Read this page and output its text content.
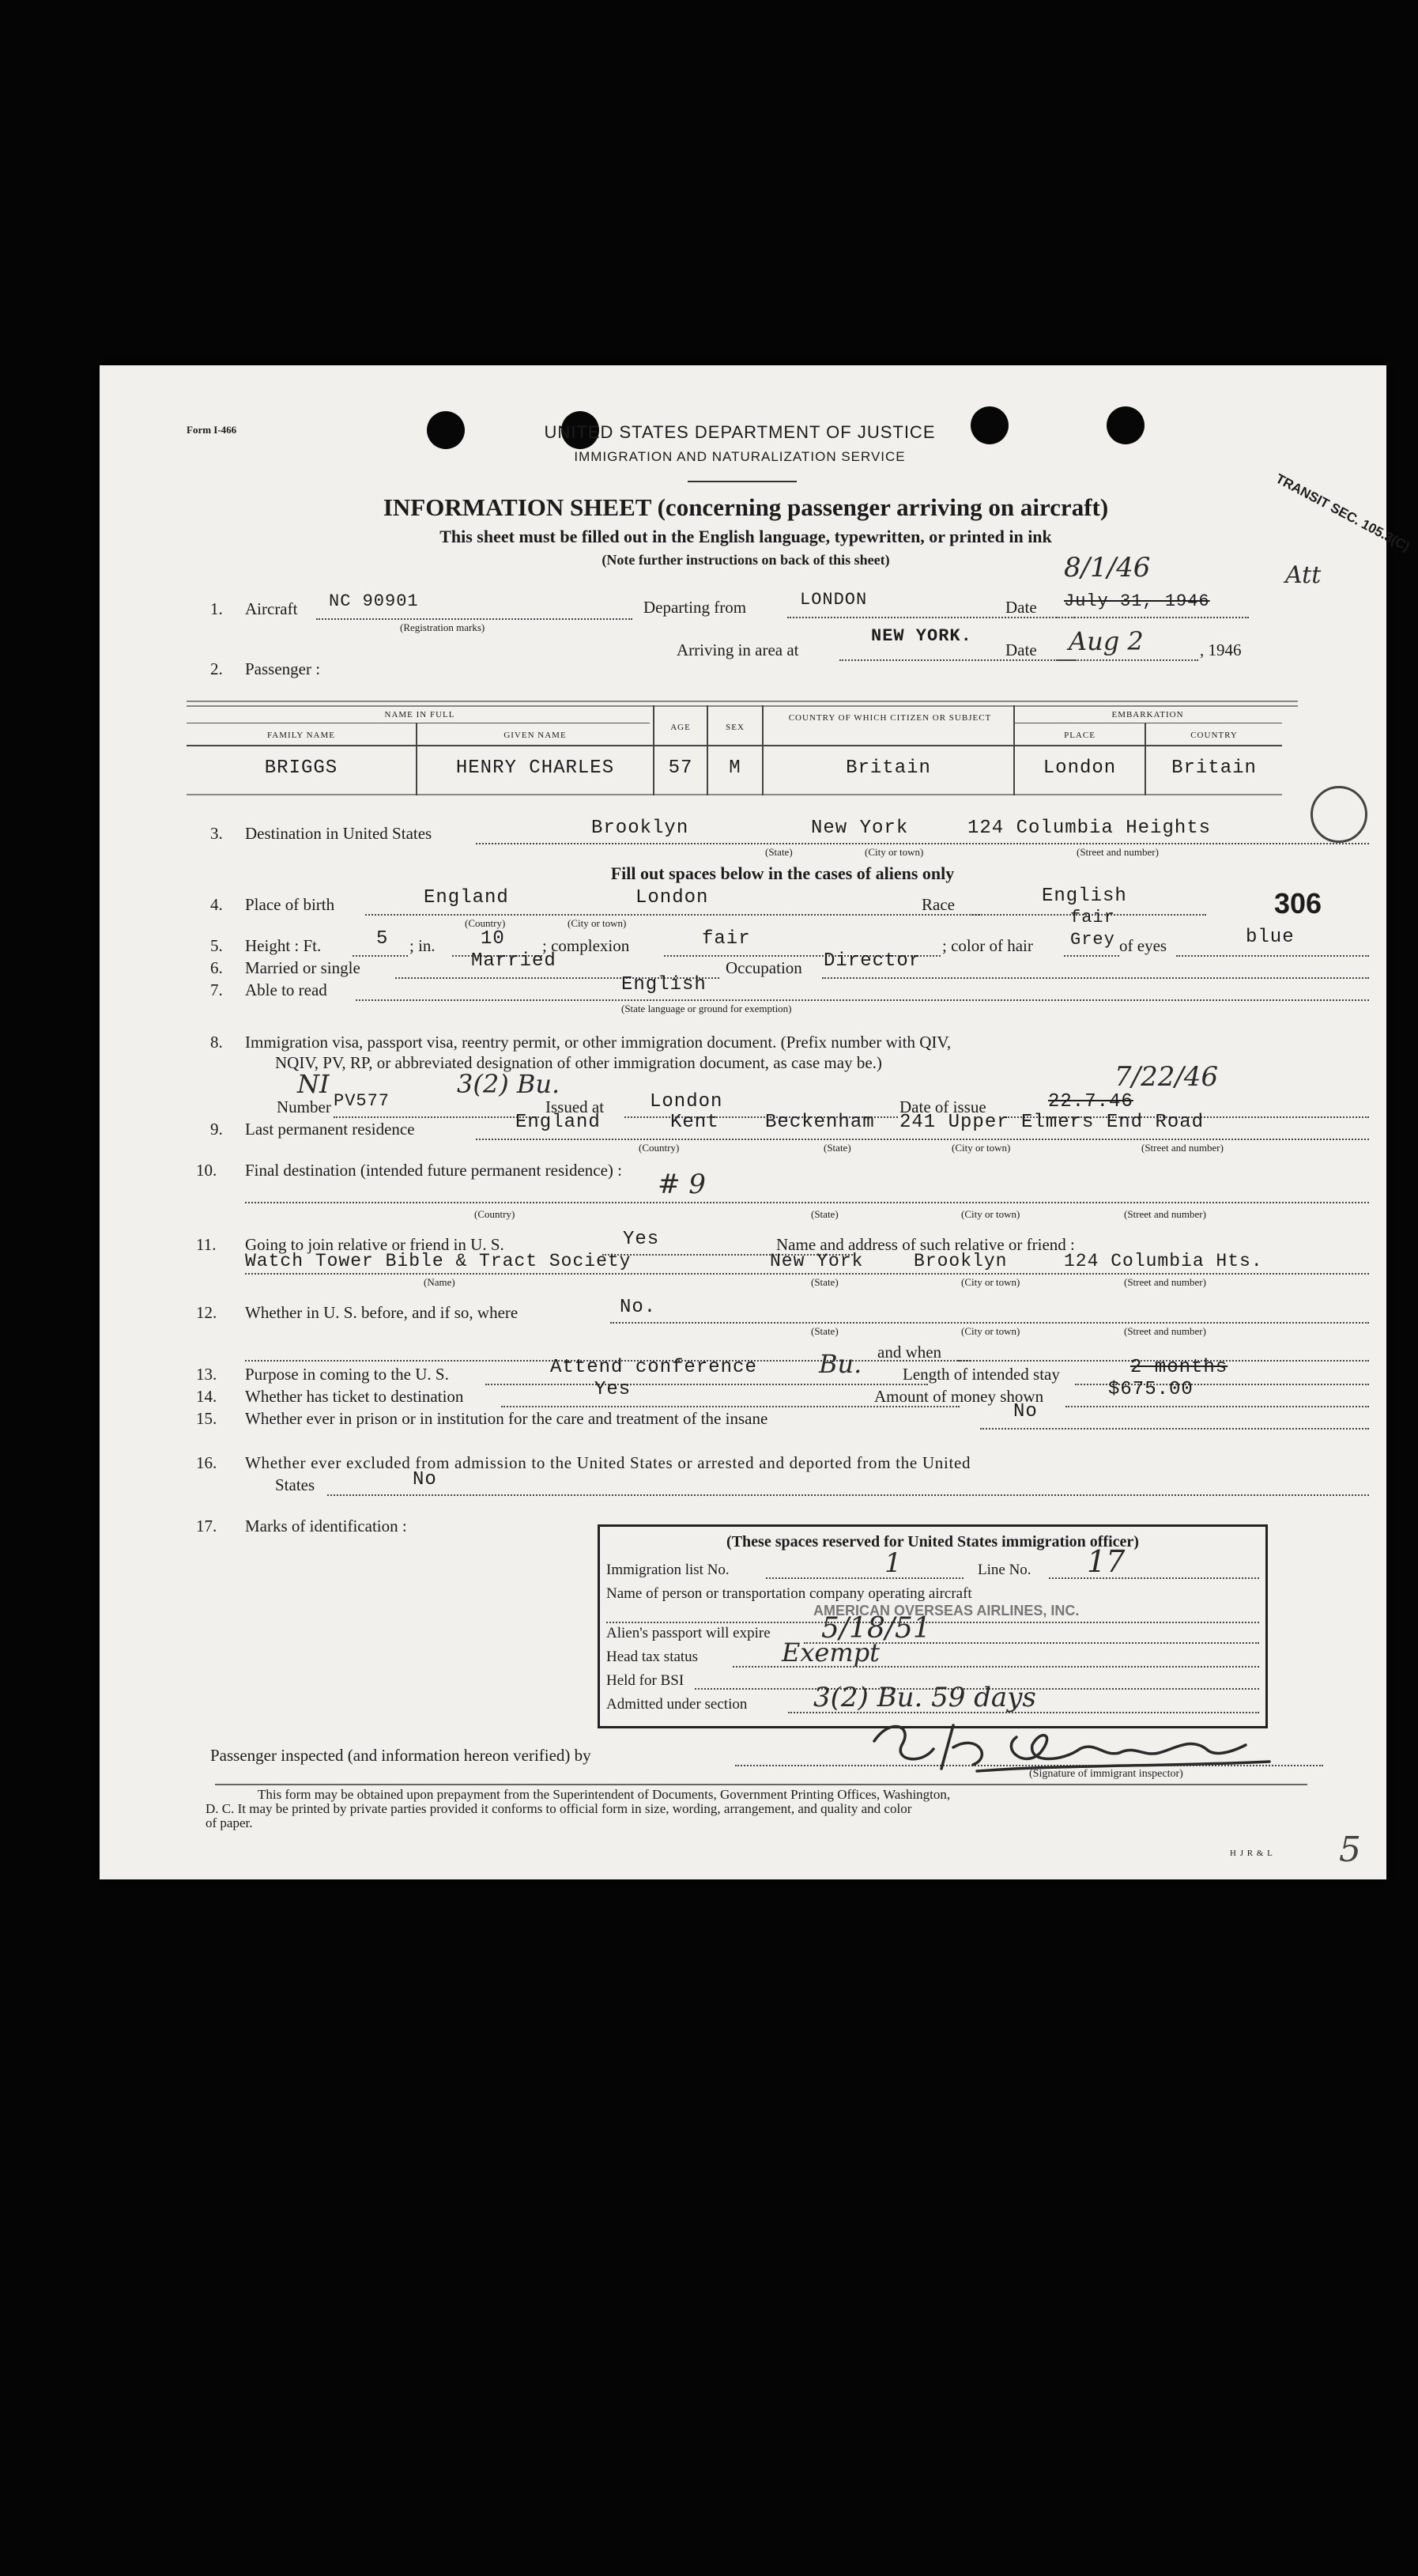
Form I-466	UNITED STATES DEPARTMENT OF JUSTICE
IMMIGRATION AND NATURALIZATION SERVICE
TRANSIT SEC. 105.3(C)
INFORMATION SHEET (concerning passenger arriving on aircraft)
This sheet must be filled out in the English language, typewritten, or printed in ink
(Note further instructions on back of this sheet)	8/1/46	Att
1. Aircraft NC 90901
(Registration marks)
Departing from	LONDON	Date July 31, 1946
Arriving in area at
NEW YORK.
Date Aug 2	, 1946
2. Passenger :
NAME IN FULL	EMBARKATION
FAMILY NAME	GIVEN NAME
AGE	SEX
COUNTRY OF WHICH CITIZEN OR SUBJECT
PLACE	COUNTRY
BRIGGS	HENRY CHARLES	57	M	Britain	London	Britain
3. Destination in United States	Brooklyn	New York	124 Columbia Heights
(State)	(City or town)	(Street and number)
Fill out spaces below in the cases of aliens only
4. Place of birth	England	London
(Country)	(City or town)
Race	English	306
5. Height : Ft.	5 ; in. 10 ; complexion	fair	; color of hair Grey
fair
of eyes	blue
6. Married or single	Married	Occupation Director
7. Able to read	English
(State language or ground for exemption)
8. Immigration visa, passport visa, reentry permit, or other immigration document. (Prefix number with QIV,
NQIV, PV, RP, or abbreviated designation of other immigration document, as case may be.)
NI	3(2) Bu.
Number PV577	Issued at London	Date of issue	22.7.46
7/22/46
9. Last permanent residence	England	Kent Beckenham 241 Upper Elmers End Road
(Country)	(State)	(City or town)	(Street and number)
10. Final destination (intended future permanent residence) : # 9
(Country)	(State)	(City or town)	(Street and number)
11. Going to join relative or friend in U. S.	Yes	Name and address of such relative or friend :
Watch Tower Bible & Tract Society	New York	Brooklyn	124 Columbia Hts.
(Name)	(State)	(City or town)	(Street and number)
12. Whether in U. S. before, and if so, where	No.
(State)	(City or town)	(Street and number)
and when
13. Purpose in coming to the U. S.	Attend conference Bu. Length of intended stay	2 months
14. Whether has ticket to destination	Yes	Amount of money shown	$675.00
15. Whether ever in prison or in institution for the care and treatment of the insane	No
16. Whether ever excluded from admission to the United States or arrested and deported from the United
States	No
17. Marks of identification :
(These spaces reserved for United States immigration officer)
Immigration list No.	1	Line No. 17
Name of person or transportation company operating aircraft
AMERICAN OVERSEAS AIRLINES, INC.
Alien's passport will expire 5/18/51
Head tax status	Exempt
Held for BSI
Admitted under section 3(2) Bu. 59 days
Passenger inspected (and information hereon verified) by
(Signature of immigrant inspector)
This form may be obtained upon prepayment from the Superintendent of Documents, Government Printing Offices, Washington,
D. C. It may be printed by private parties provided it conforms to official form in size, wording, arrangement, and quality and color
of paper.
H J R & L 5
